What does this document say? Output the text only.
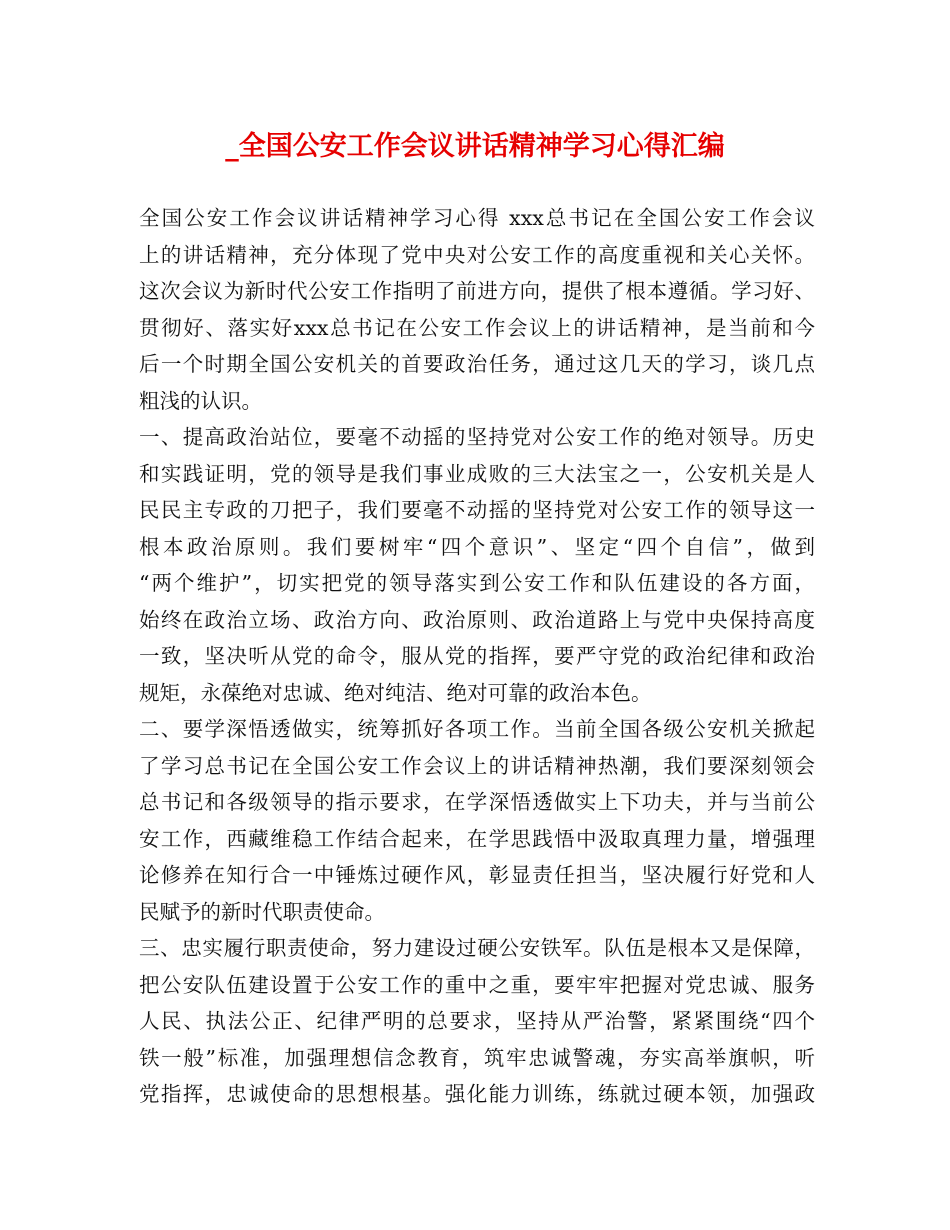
_全国公安工作会议讲话精神学习心得汇编
全国公安工作会议讲话精神学习心得 xxx总书记在全国公安工作会议
上的讲话精神，充分体现了党中央对公安工作的高度重视和关心关怀。
这次会议为新时代公安工作指明了前进方向，提供了根本遵循。学习好、
贯彻好、落实好xxx总书记在公安工作会议上的讲话精神，是当前和今
后一个时期全国公安机关的首要政治任务，通过这几天的学习，谈几点
粗浅的认识。
一、提高政治站位，要毫不动摇的坚持党对公安工作的绝对领导。历史
和实践证明，党的领导是我们事业成败的三大法宝之一，公安机关是人
民民主专政的刀把子，我们要毫不动摇的坚持党对公安工作的领导这一
根本政治原则。我们要树牢“四个意识”、坚定“四个自信”，做到
“两个维护”，切实把党的领导落实到公安工作和队伍建设的各方面，
始终在政治立场、政治方向、政治原则、政治道路上与党中央保持高度
一致，坚决听从党的命令，服从党的指挥，要严守党的政治纪律和政治
规矩，永葆绝对忠诚、绝对纯洁、绝对可靠的政治本色。
二、要学深悟透做实，统筹抓好各项工作。当前全国各级公安机关掀起
了学习总书记在全国公安工作会议上的讲话精神热潮，我们要深刻领会
总书记和各级领导的指示要求，在学深悟透做实上下功夫，并与当前公
安工作，西藏维稳工作结合起来，在学思践悟中汲取真理力量，增强理
论修养在知行合一中锤炼过硬作风，彰显责任担当，坚决履行好党和人
民赋予的新时代职责使命。
三、忠实履行职责使命，努力建设过硬公安铁军。队伍是根本又是保障，
把公安队伍建设置于公安工作的重中之重，要牢牢把握对党忠诚、服务
人民、执法公正、纪律严明的总要求，坚持从严治警，紧紧围绕“四个
铁一般”标准，加强理想信念教育，筑牢忠诚警魂，夯实高举旗帜，听
党指挥，忠诚使命的思想根基。强化能力训练，练就过硬本领，加强政
